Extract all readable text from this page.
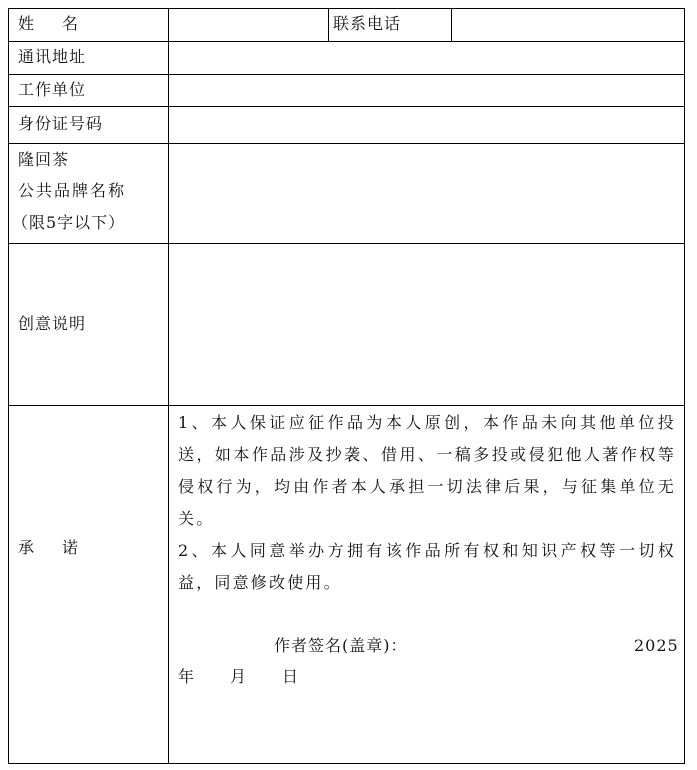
姓　名	联系电话
通讯地址
工作单位
身份证号码
隆回茶
公共品牌名称
（限5字以下）
创意说明
承　诺
1、本人保证应征作品为本人原创，本作品未向其他单位投送，如本作品涉及抄袭、借用、一稿多投或侵犯他人著作权等侵权行为，均由作者本人承担一切法律后果，与征集单位无关。
2、本人同意举办方拥有该作品所有权和知识产权等一切权益，同意修改使用。
作者签名(盖章)：	2025
年　月　日
